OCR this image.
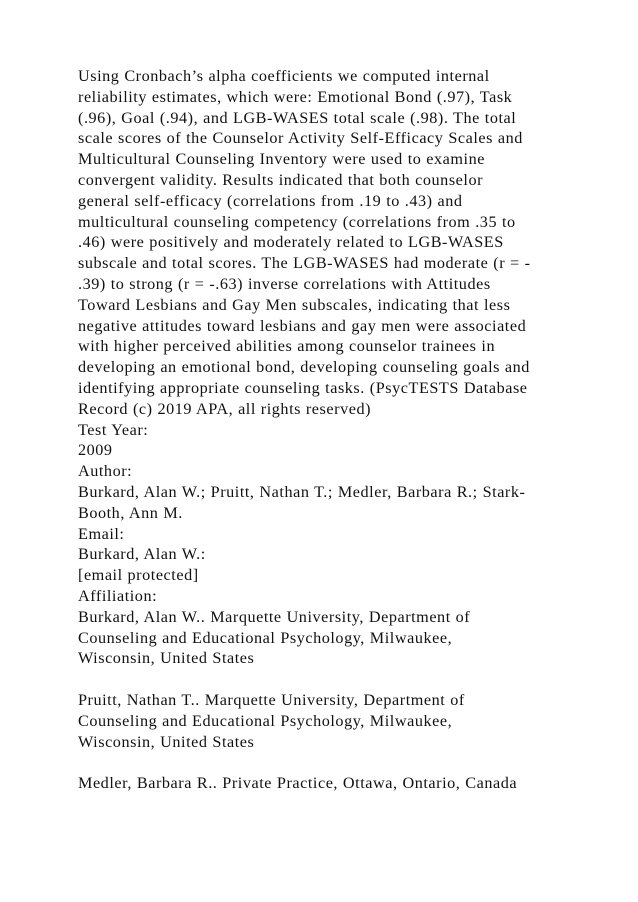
Using Cronbach’s alpha coefficients we computed internal
reliability estimates, which were: Emotional Bond (.97), Task
(.96), Goal (.94), and LGB-WASES total scale (.98). The total
scale scores of the Counselor Activity Self-Efficacy Scales and
Multicultural Counseling Inventory were used to examine
convergent validity. Results indicated that both counselor
general self-efficacy (correlations from .19 to .43) and
multicultural counseling competency (correlations from .35 to
.46) were positively and moderately related to LGB-WASES
subscale and total scores. The LGB-WASES had moderate (r = -
.39) to strong (r = -.63) inverse correlations with Attitudes
Toward Lesbians and Gay Men subscales, indicating that less
negative attitudes toward lesbians and gay men were associated
with higher perceived abilities among counselor trainees in
developing an emotional bond, developing counseling goals and
identifying appropriate counseling tasks. (PsycTESTS Database
Record (c) 2019 APA, all rights reserved)
Test Year:
2009
Author:
Burkard, Alan W.; Pruitt, Nathan T.; Medler, Barbara R.; Stark-
Booth, Ann M.
Email:
Burkard, Alan W.:
[email protected]
Affiliation:
Burkard, Alan W.. Marquette University, Department of
Counseling and Educational Psychology, Milwaukee,
Wisconsin, United States
Pruitt, Nathan T.. Marquette University, Department of
Counseling and Educational Psychology, Milwaukee,
Wisconsin, United States
Medler, Barbara R.. Private Practice, Ottawa, Ontario, Canada
